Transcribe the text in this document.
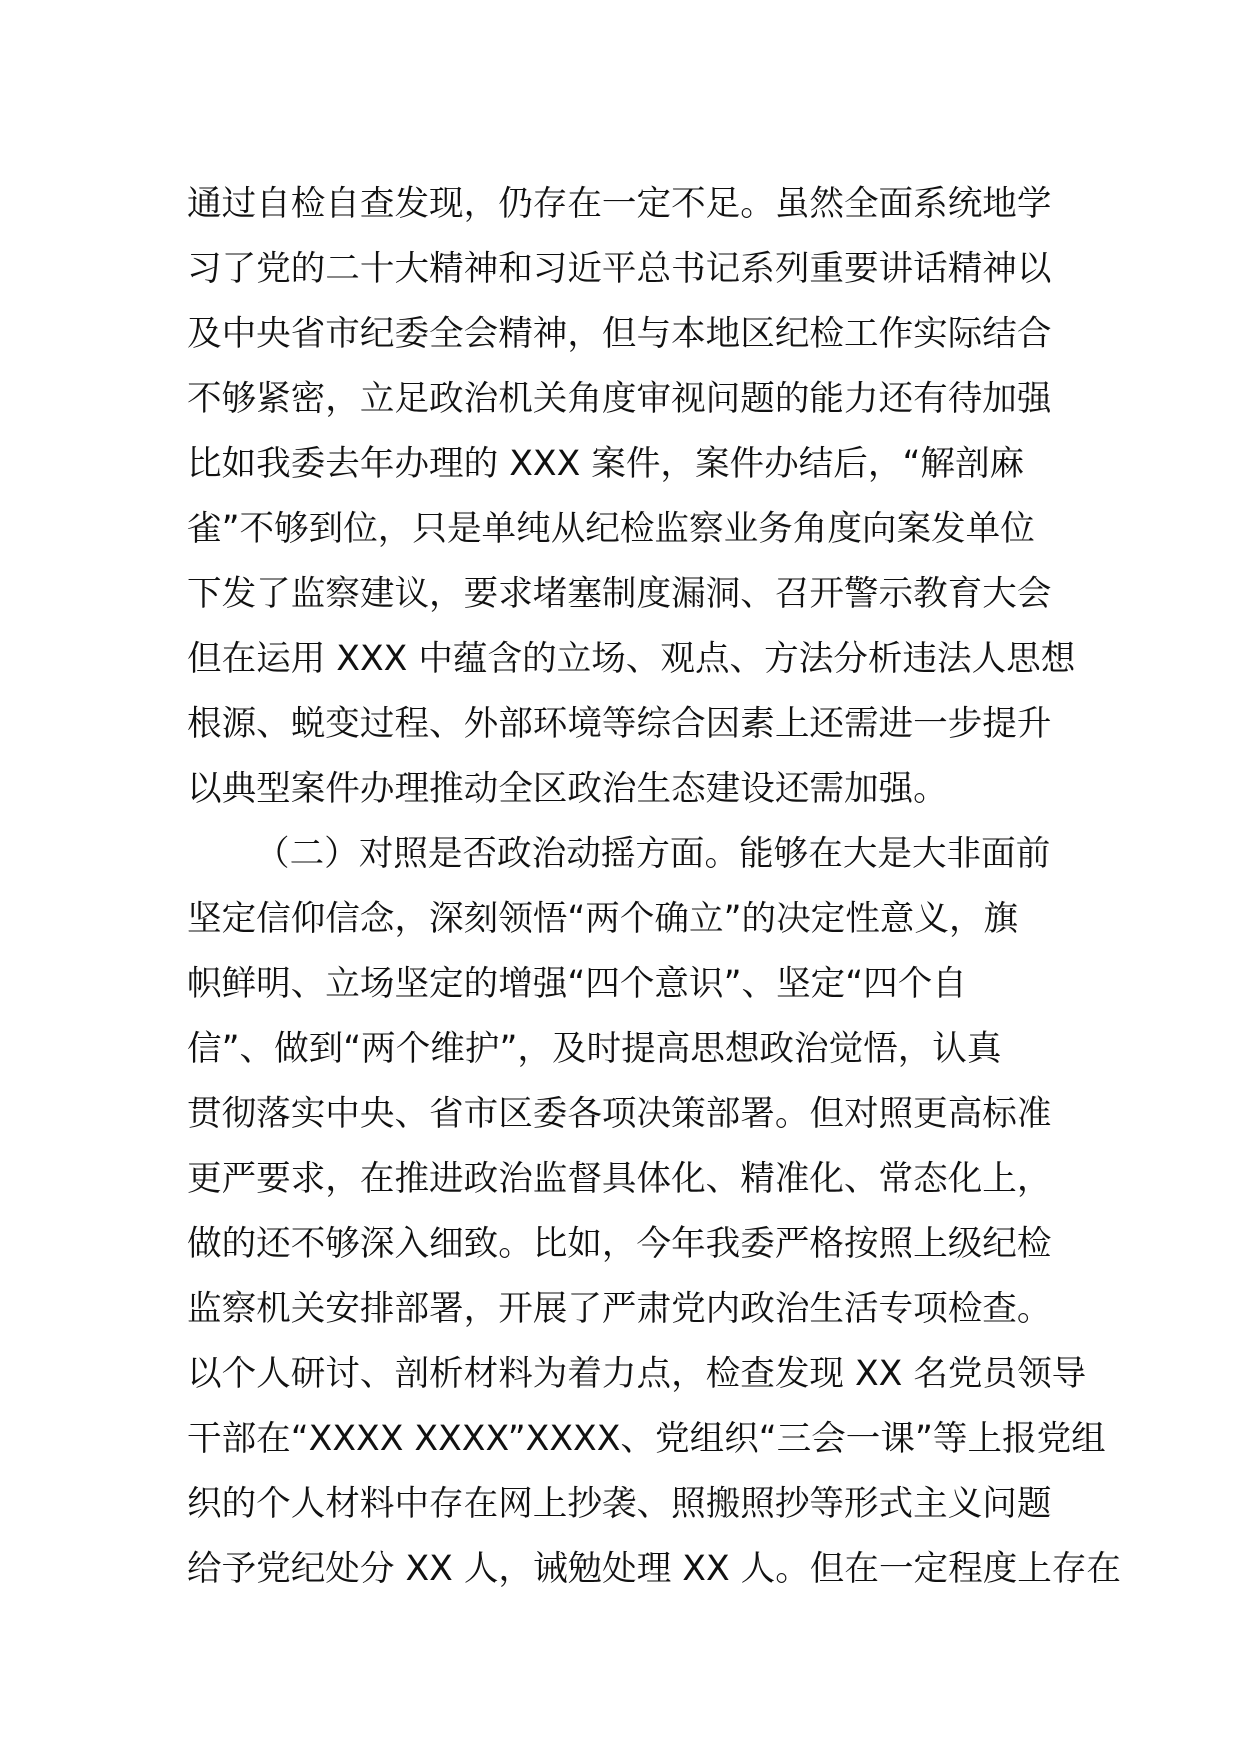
通过自检自查发现，仍存在一定不足。虽然全面系统地学
习了党的二十大精神和习近平总书记系列重要讲话精神以
及中央省市纪委全会精神，但与本地区纪检工作实际结合
不够紧密，立足政治机关角度审视问题的能力还有待加强
比如我委去年办理的 XXX 案件，案件办结后，“解剖麻
雀”不够到位，只是单纯从纪检监察业务角度向案发单位
下发了监察建议，要求堵塞制度漏洞、召开警示教育大会
但在运用 XXX 中蕴含的立场、观点、方法分析违法人思想
根源、蜕变过程、外部环境等综合因素上还需进一步提升
以典型案件办理推动全区政治生态建设还需加强。
（二）对照是否政治动摇方面。能够在大是大非面前
坚定信仰信念，深刻领悟“两个确立”的决定性意义，旗
帜鲜明、立场坚定的增强“四个意识”、坚定“四个自
信”、做到“两个维护”，及时提高思想政治觉悟，认真
贯彻落实中央、省市区委各项决策部署。但对照更高标准
更严要求，在推进政治监督具体化、精准化、常态化上，
做的还不够深入细致。比如，今年我委严格按照上级纪检
监察机关安排部署，开展了严肃党内政治生活专项检查。
以个人研讨、剖析材料为着力点，检查发现 XX 名党员领导
干部在“XXXX XXXX”XXXX、党组织“三会一课”等上报党组
织的个人材料中存在网上抄袭、照搬照抄等形式主义问题
给予党纪处分 XX 人，诫勉处理 XX 人。但在一定程度上存在
